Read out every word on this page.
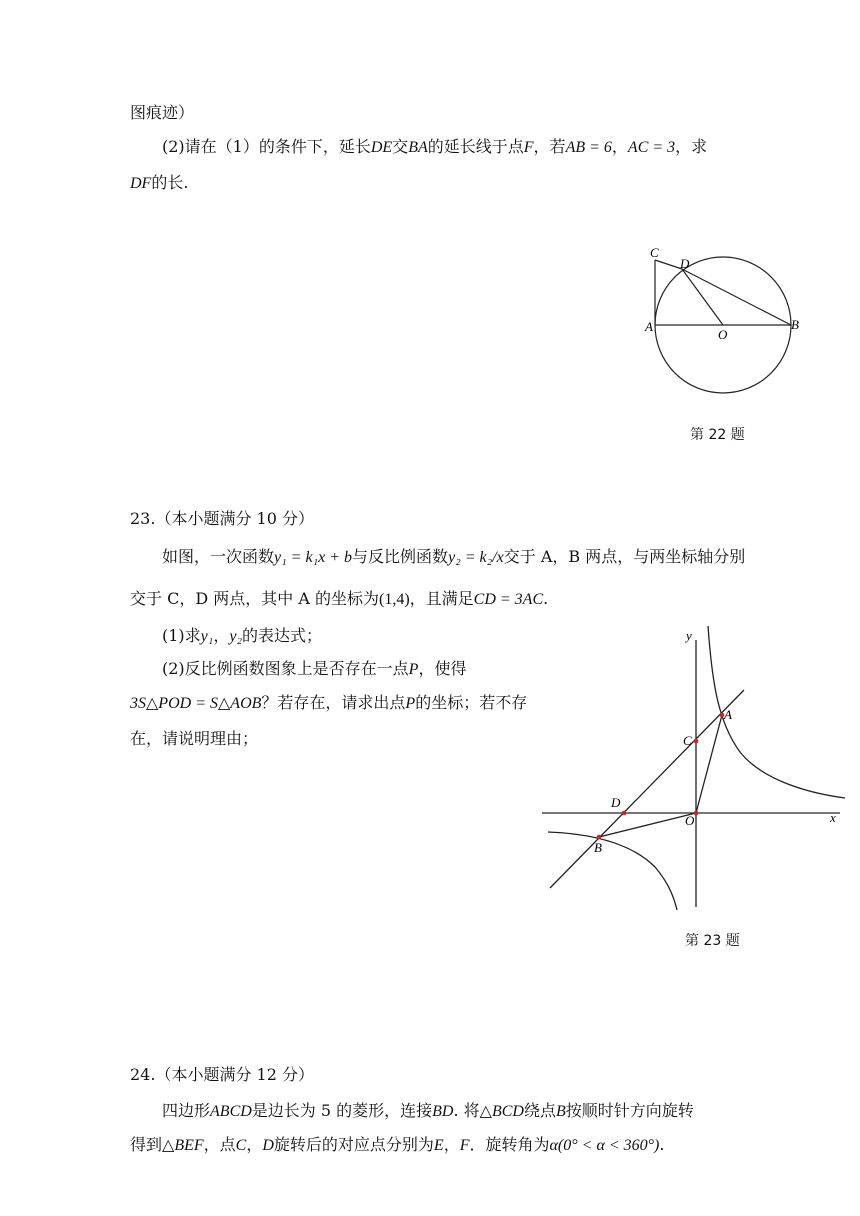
图痕迹）
(2)请在（1）的条件下，延长DE交BA的延长线于点F，若AB = 6，AC = 3，求
DF的长.
C
D
A
O
B
第 22 题
23.（本小题满分 10 分）
如图，一次函数y₁ = k₁x + b与反比例函数y₂ = k₂/x交于 A，B 两点，与两坐标轴分别
交于 C，D 两点，其中 A 的坐标为(1,4)，且满足CD = 3AC.
(1)求y₁，y₂的表达式；
(2)反比例函数图象上是否存在一点P，使得
3S△POD = S△AOB？若存在，请求出点P的坐标；若不存
在，请说明理由；
x
y
A
C
D
O
B
第 23 题
24.（本小题满分 12 分）
四边形ABCD是边长为 5 的菱形，连接BD. 将△BCD绕点B按顺时针方向旋转
得到△BEF，点C，D旋转后的对应点分别为E，F．旋转角为α(0° < α < 360°).
